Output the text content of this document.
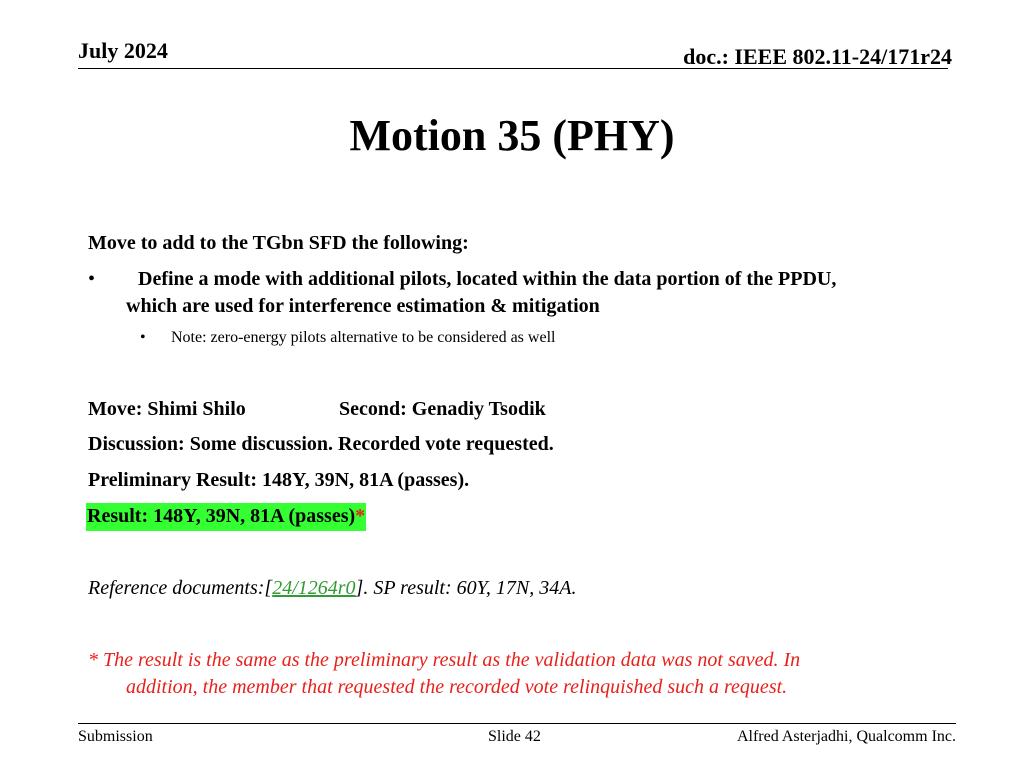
July 2024	doc.: IEEE 802.11-24/171r24
Motion 35 (PHY)
Move to add to the TGbn SFD the following:
• Define a mode with additional pilots, located within the data portion of the PPDU,
which are used for interference estimation & mitigation
• Note: zero-energy pilots alternative to be considered as well
Move: Shimi Shilo	Second: Genadiy Tsodik
Discussion: Some discussion. Recorded vote requested.
Preliminary Result: 148Y, 39N, 81A (passes).
Result: 148Y, 39N, 81A (passes)*
Reference documents:[24/1264r0]. SP result: 60Y, 17N, 34A.
* The result is the same as the preliminary result as the validation data was not saved. In
addition, the member that requested the recorded vote relinquished such a request.
Submission	Slide 42	Alfred Asterjadhi, Qualcomm Inc.
